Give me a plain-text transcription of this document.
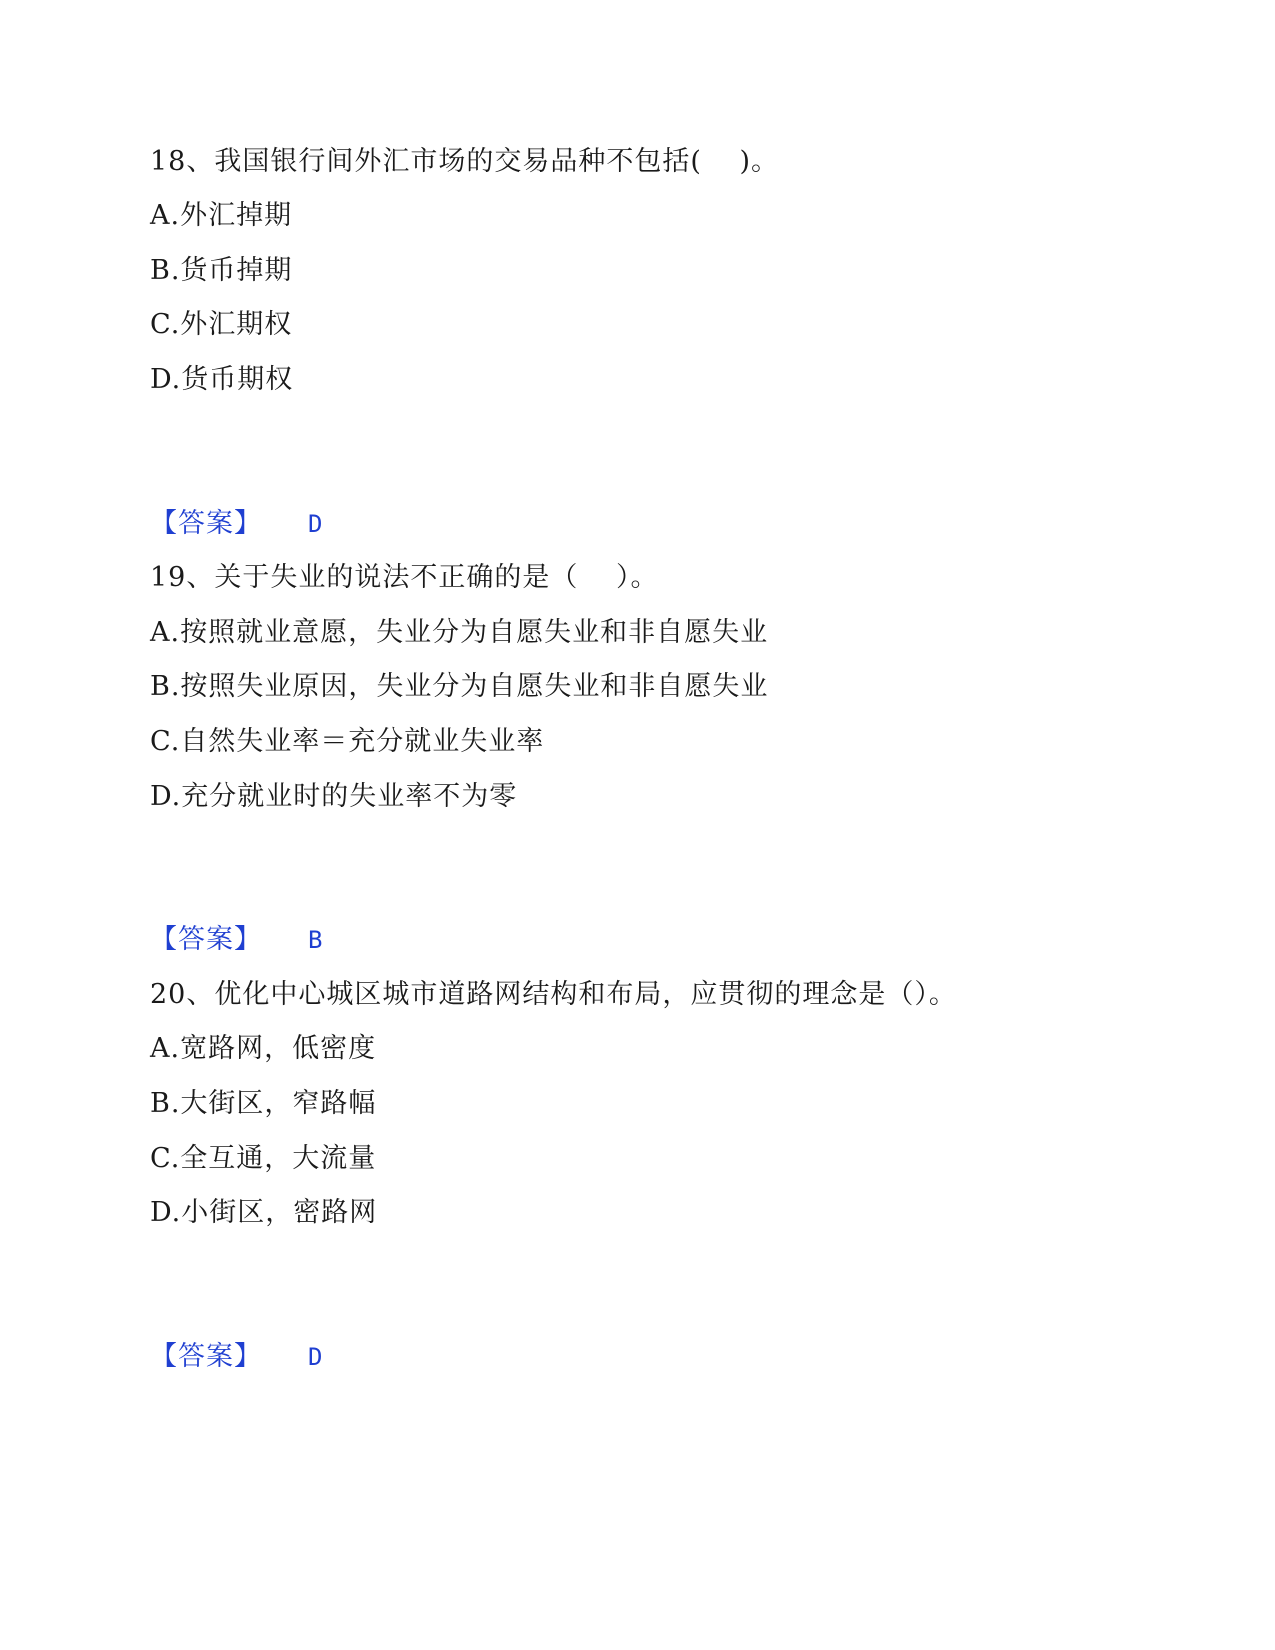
18、我国银行间外汇市场的交易品种不包括(　 )。
A.外汇掉期
B.货币掉期
C.外汇期权
D.货币期权
【答案】 D
19、关于失业的说法不正确的是（　 ）。
A.按照就业意愿，失业分为自愿失业和非自愿失业
B.按照失业原因，失业分为自愿失业和非自愿失业
C.自然失业率＝充分就业失业率
D.充分就业时的失业率不为零
【答案】 B
20、优化中心城区城市道路网结构和布局，应贯彻的理念是（）。
A.宽路网，低密度
B.大街区，窄路幅
C.全互通，大流量
D.小街区，密路网
【答案】 D
